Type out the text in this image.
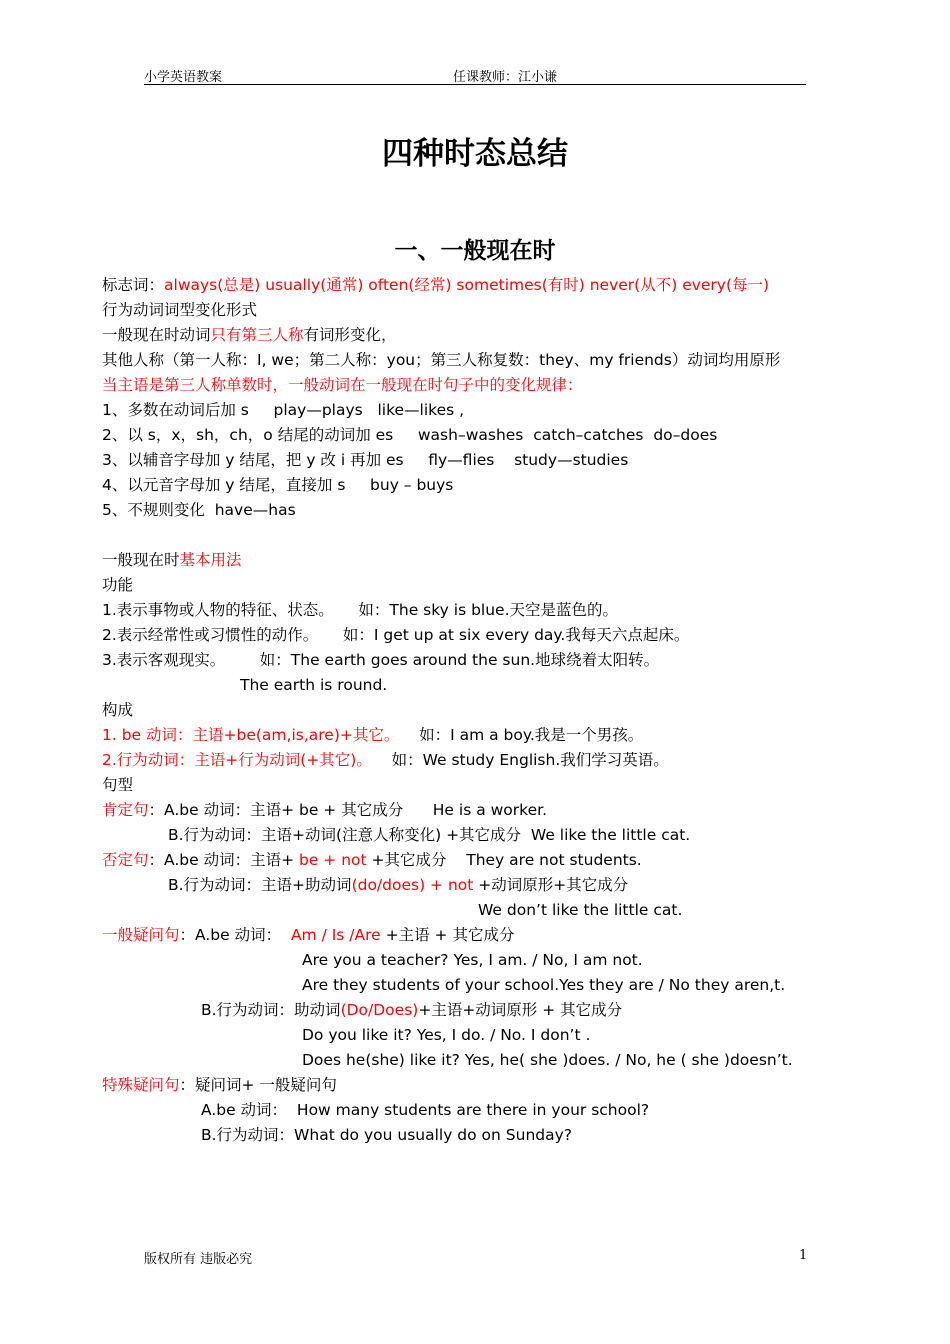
小学英语教案	任课教师：江小谦
四种时态总结
一、一般现在时
标志词：always(总是) usually(通常) often(经常) sometimes(有时) never(从不) every(每一)
行为动词词型变化形式
一般现在时动词只有第三人称有词形变化，
其他人称（第一人称：I, we；第二人称：you；第三人称复数：they、my friends）动词均用原形
当主语是第三人称单数时，一般动词在一般现在时句子中的变化规律：
1、多数在动词后加 s     play—plays   like—likes ,
2、以 s，x，sh，ch，o 结尾的动词加 es     wash–washes  catch–catches  do–does
3、以辅音字母加 y 结尾，把 y 改 i 再加 es     fly—flies    study—studies
4、以元音字母加 y 结尾，直接加 s     buy – buys
5、不规则变化  have—has
一般现在时基本用法
功能
1.表示事物或人物的特征、状态。     如：The sky is blue.天空是蓝色的。
2.表示经常性或习惯性的动作。     如：I get up at six every day.我每天六点起床。
3.表示客观现实。       如：The earth goes around the sun.地球绕着太阳转。
The earth is round.
构成
1. be 动词：主语+be(am,is,are)+其它。    如：I am a boy.我是一个男孩。
2.行为动词：主语+行为动词(+其它)。    如：We study English.我们学习英语。
句型
肯定句：A.be 动词：主语+ be + 其它成分      He is a worker.
B.行为动词：主语+动词(注意人称变化) +其它成分  We like the little cat.
否定句：A.be 动词：主语+ be + not +其它成分    They are not students.
B.行为动词：主语+助动词(do/does) + not +动词原形+其它成分
We don’t like the little cat.
一般疑问句：A.be 动词：  Am / Is /Are +主语 + 其它成分
Are you a teacher? Yes, I am. / No, I am not.
Are they students of your school.Yes they are / No they aren,t.
B.行为动词：助动词(Do/Does)+主语+动词原形 + 其它成分
Do you like it? Yes, I do. / No. I don’t .
Does he(she) like it? Yes, he( she )does. / No, he ( she )doesn’t.
特殊疑问句：疑问词+ 一般疑问句
A.be 动词：  How many students are there in your school?
B.行为动词：What do you usually do on Sunday?
版权所有 违版必究	1
